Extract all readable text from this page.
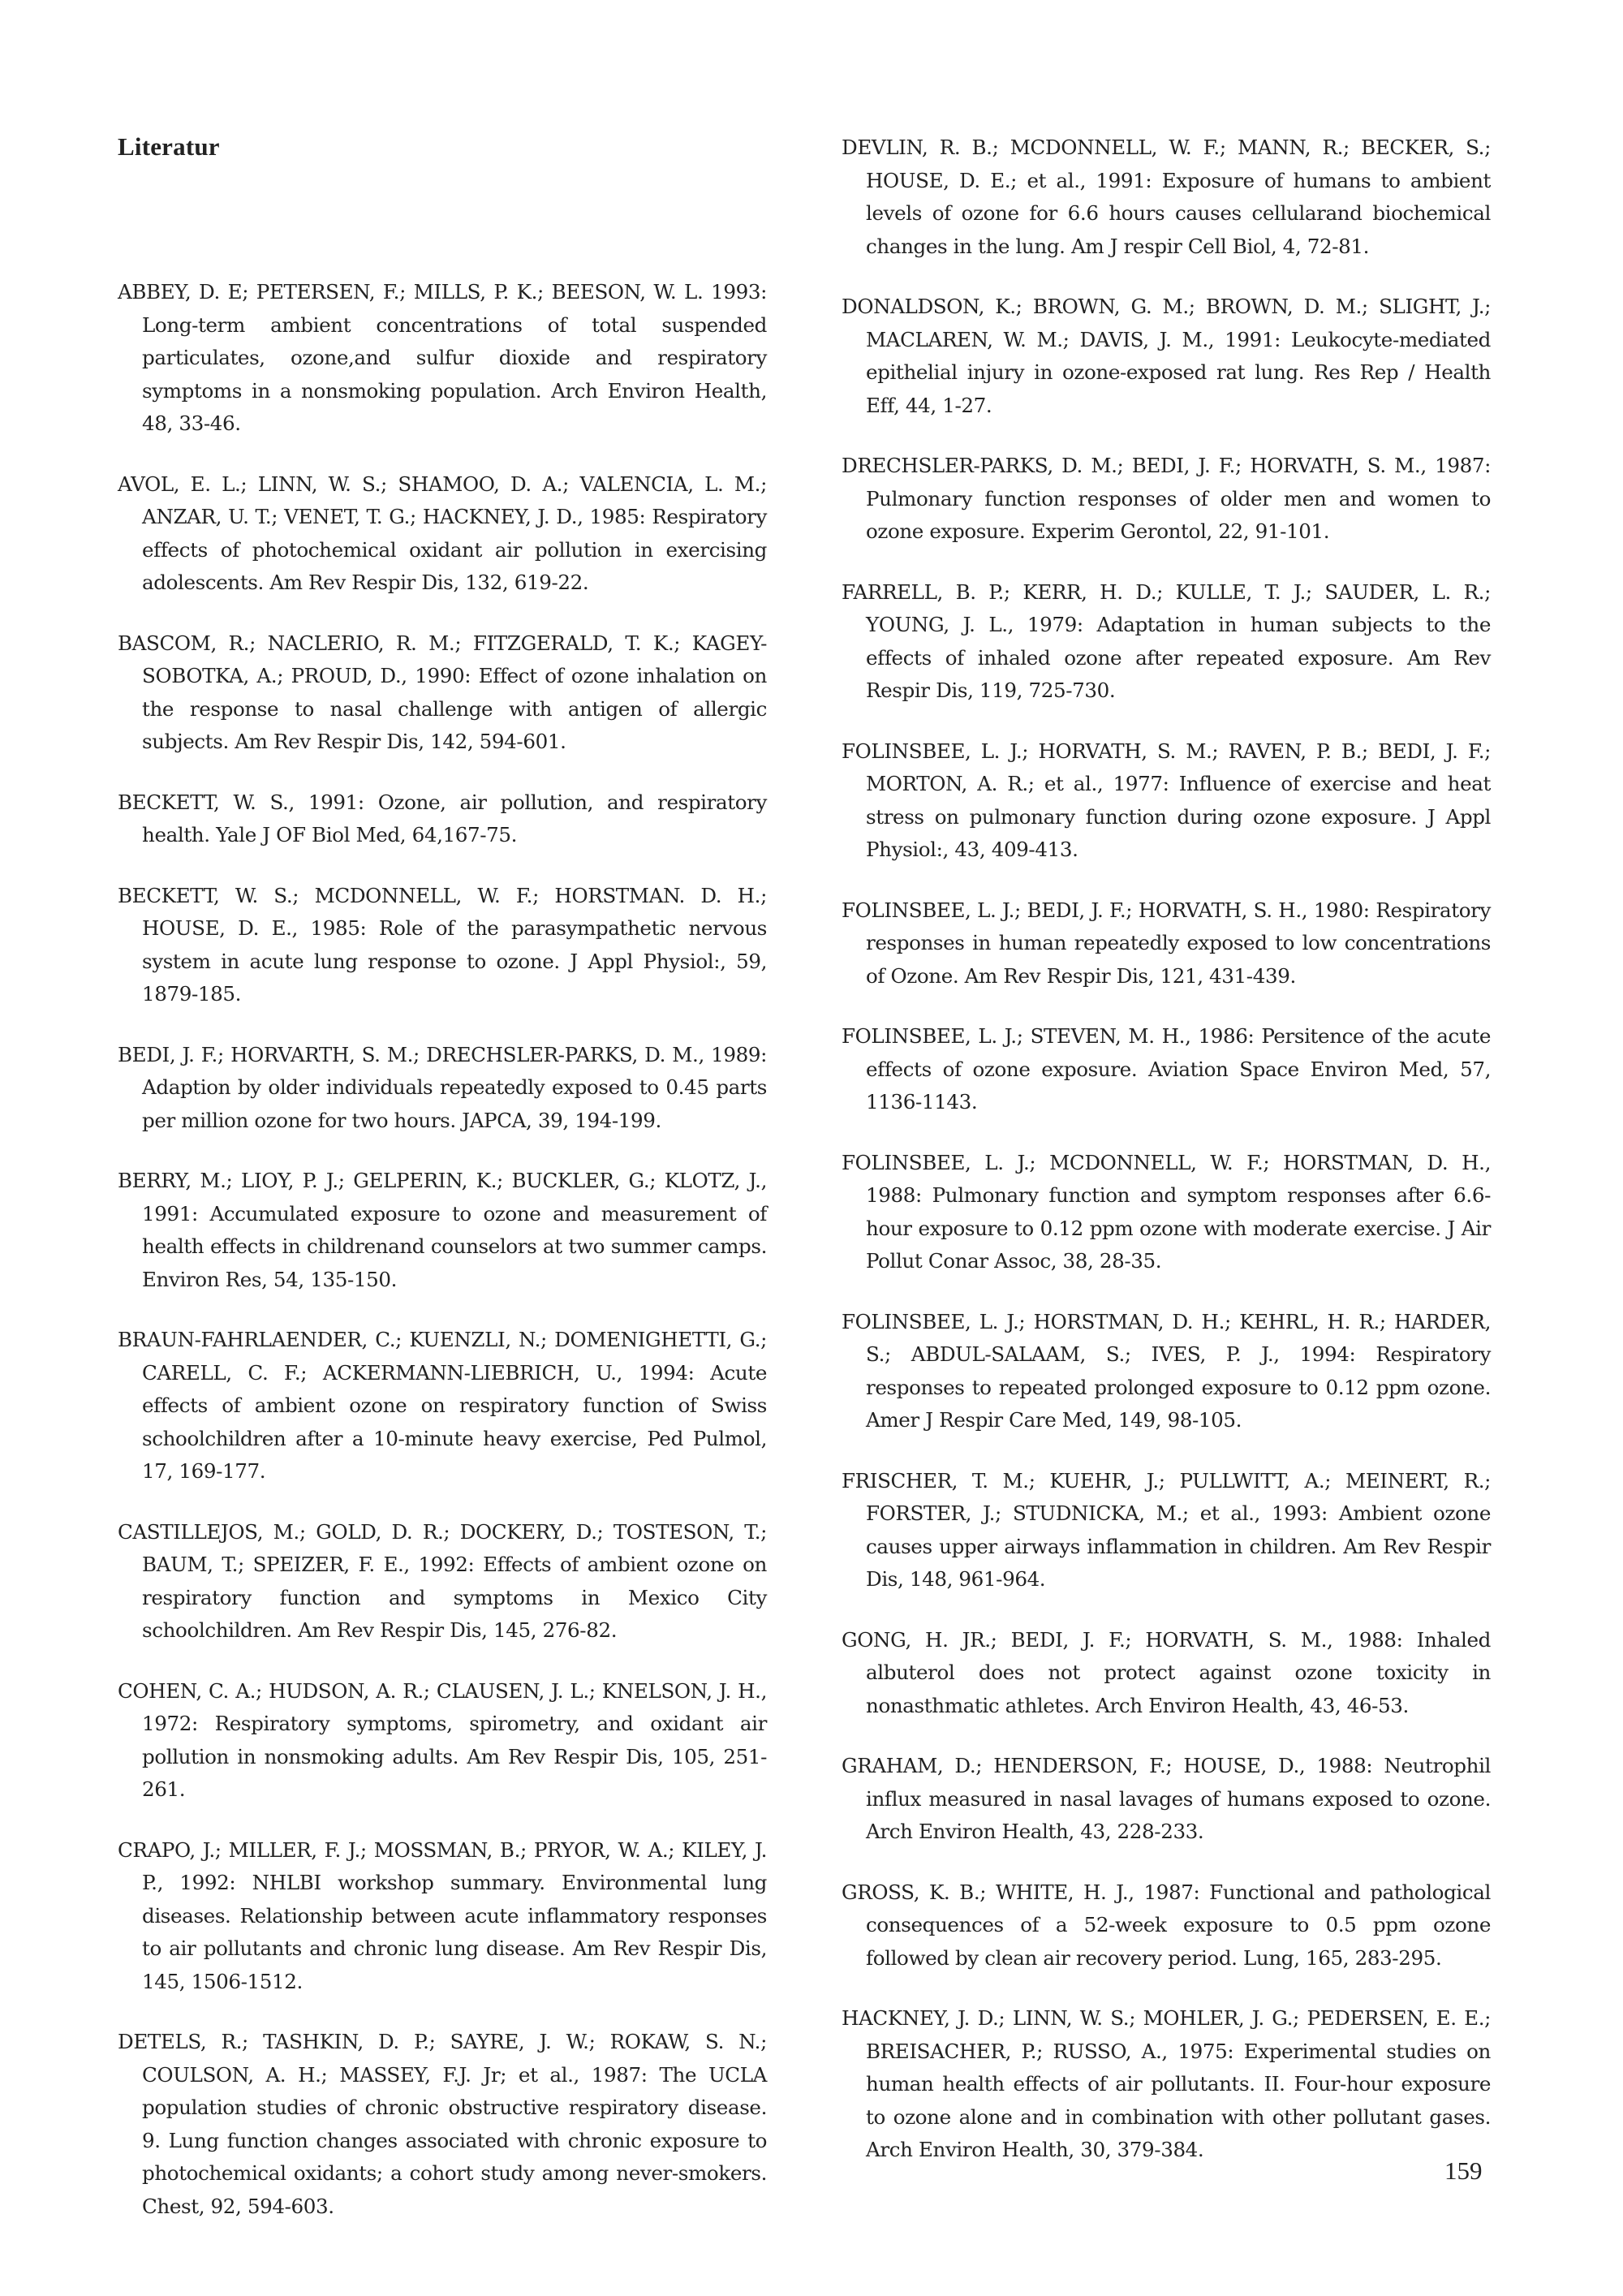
Literatur

ABBEY, D. E; PETERSEN, F.; MILLS, P. K.; BEESON, W. L. 1993: Long-term ambient concentrations of total suspended particulates, ozone,and sulfur dioxide and respiratory symptoms in a nonsmoking population. Arch Environ Health, 48, 33-46.

AVOL, E. L.; LINN, W. S.; SHAMOO, D. A.; VALENCIA, L. M.; ANZAR, U. T.; VENET, T. G.; HACKNEY, J. D., 1985: Respiratory effects of photochemical oxidant air pollution in exercising adolescents. Am Rev Respir Dis, 132, 619-22.

BASCOM, R.; NACLERIO, R. M.; FITZGERALD, T. K.; KAGEY-SOBOTKA, A.; PROUD, D., 1990: Effect of ozone inhalation on the response to nasal challenge with antigen of allergic subjects. Am Rev Respir Dis, 142, 594-601.

BECKETT, W. S., 1991: Ozone, air pollution, and respiratory health. Yale J OF Biol Med, 64,167-75.

BECKETT, W. S.; MCDONNELL, W. F.; HORSTMAN. D. H.; HOUSE, D. E., 1985: Role of the parasympathetic nervous system in acute lung response to ozone. J Appl Physiol:, 59, 1879-185.

BEDI, J. F.; HORVARTH, S. M.; DRECHSLER-PARKS, D. M., 1989: Adaption by older individuals repeatedly exposed to 0.45 parts per million ozone for two hours. JAPCA, 39, 194-199.

BERRY, M.; LIOY, P. J.; GELPERIN, K.; BUCKLER, G.; KLOTZ, J., 1991: Accumulated exposure to ozone and measurement of health effects in childrenand counselors at two summer camps. Environ Res, 54, 135-150.

BRAUN-FAHRLAENDER, C.; KUENZLI, N.; DOMENIGHETTI, G.; CARELL, C. F.; ACKERMANN-LIEBRICH, U., 1994: Acute effects of ambient ozone on respiratory function of Swiss schoolchildren after a 10-minute heavy exercise, Ped Pulmol, 17, 169-177.

CASTILLEJOS, M.; GOLD, D. R.; DOCKERY, D.; TOSTESON, T.; BAUM, T.; SPEIZER, F. E., 1992: Effects of ambient ozone on respiratory function and symptoms in Mexico City schoolchildren. Am Rev Respir Dis, 145, 276-82.

COHEN, C. A.; HUDSON, A. R.; CLAUSEN, J. L.; KNELSON, J. H., 1972: Respiratory symptoms, spirometry, and oxidant air pollution in nonsmoking adults. Am Rev Respir Dis, 105, 251-261.

CRAPO, J.; MILLER, F. J.; MOSSMAN, B.; PRYOR, W. A.; KILEY, J. P., 1992: NHLBI workshop summary. Environmental lung diseases. Relationship between acute inflammatory responses to air pollutants and chronic lung disease. Am Rev Respir Dis, 145, 1506-1512.

DETELS, R.; TASHKIN, D. P.; SAYRE, J. W.; ROKAW, S. N.; COULSON, A. H.; MASSEY, F.J. Jr; et al., 1987: The UCLA population studies of chronic obstructive respiratory disease. 9. Lung function changes associated with chronic exposure to photochemical oxidants; a cohort study among never-smokers. Chest, 92, 594-603.

DEVLIN, R. B.; MCDONNELL, W. F.; MANN, R.; BECKER, S.; HOUSE, D. E.; et al., 1991: Exposure of humans to ambient levels of ozone for 6.6 hours causes cellularand biochemical changes in the lung. Am J respir Cell Biol, 4, 72-81.

DONALDSON, K.; BROWN, G. M.; BROWN, D. M.; SLIGHT, J.; MACLAREN, W. M.; DAVIS, J. M., 1991: Leukocyte-mediated epithelial injury in ozone-exposed rat lung. Res Rep / Health Eff, 44, 1-27.

DRECHSLER-PARKS, D. M.; BEDI, J. F.; HORVATH, S. M., 1987: Pulmonary function responses of older men and women to ozone exposure. Experim Gerontol, 22, 91-101.

FARRELL, B. P.; KERR, H. D.; KULLE, T. J.; SAUDER, L. R.; YOUNG, J. L., 1979: Adaptation in human subjects to the effects of inhaled ozone after repeated exposure. Am Rev Respir Dis, 119, 725-730.

FOLINSBEE, L. J.; HORVATH, S. M.; RAVEN, P. B.; BEDI, J. F.; MORTON, A. R.; et al., 1977: Influence of exercise and heat stress on pulmonary function during ozone exposure. J Appl Physiol:, 43, 409-413.

FOLINSBEE, L. J.; BEDI, J. F.; HORVATH, S. H., 1980: Respiratory responses in human repeatedly exposed to low concentrations of Ozone. Am Rev Respir Dis, 121, 431-439.

FOLINSBEE, L. J.; STEVEN, M. H., 1986: Persitence of the acute effects of ozone exposure. Aviation Space Environ Med, 57, 1136-1143.

FOLINSBEE, L. J.; MCDONNELL, W. F.; HORSTMAN, D. H., 1988: Pulmonary function and symptom responses after 6.6-hour exposure to 0.12 ppm ozone with moderate exercise. J Air Pollut Conar Assoc, 38, 28-35.

FOLINSBEE, L. J.; HORSTMAN, D. H.; KEHRL, H. R.; HARDER, S.; ABDUL-SALAAM, S.; IVES, P. J., 1994: Respiratory responses to repeated prolonged exposure to 0.12 ppm ozone. Amer J Respir Care Med, 149, 98-105.

FRISCHER, T. M.; KUEHR, J.; PULLWITT, A.; MEINERT, R.; FORSTER, J.; STUDNICKA, M.; et al., 1993: Ambient ozone causes upper airways inflammation in children. Am Rev Respir Dis, 148, 961-964.

GONG, H. JR.; BEDI, J. F.; HORVATH, S. M., 1988: Inhaled albuterol does not protect against ozone toxicity in nonasthmatic athletes. Arch Environ Health, 43, 46-53.

GRAHAM, D.; HENDERSON, F.; HOUSE, D., 1988: Neutrophil influx measured in nasal lavages of humans exposed to ozone. Arch Environ Health, 43, 228-233.

GROSS, K. B.; WHITE, H. J., 1987: Functional and pathological consequences of a 52-week exposure to 0.5 ppm ozone followed by clean air recovery period. Lung, 165, 283-295.

HACKNEY, J. D.; LINN, W. S.; MOHLER, J. G.; PEDERSEN, E. E.; BREISACHER, P.; RUSSO, A., 1975: Experimental studies on human health effects of air pollutants. II. Four-hour exposure to ozone alone and in combination with other pollutant gases. Arch Environ Health, 30, 379-384.

159
